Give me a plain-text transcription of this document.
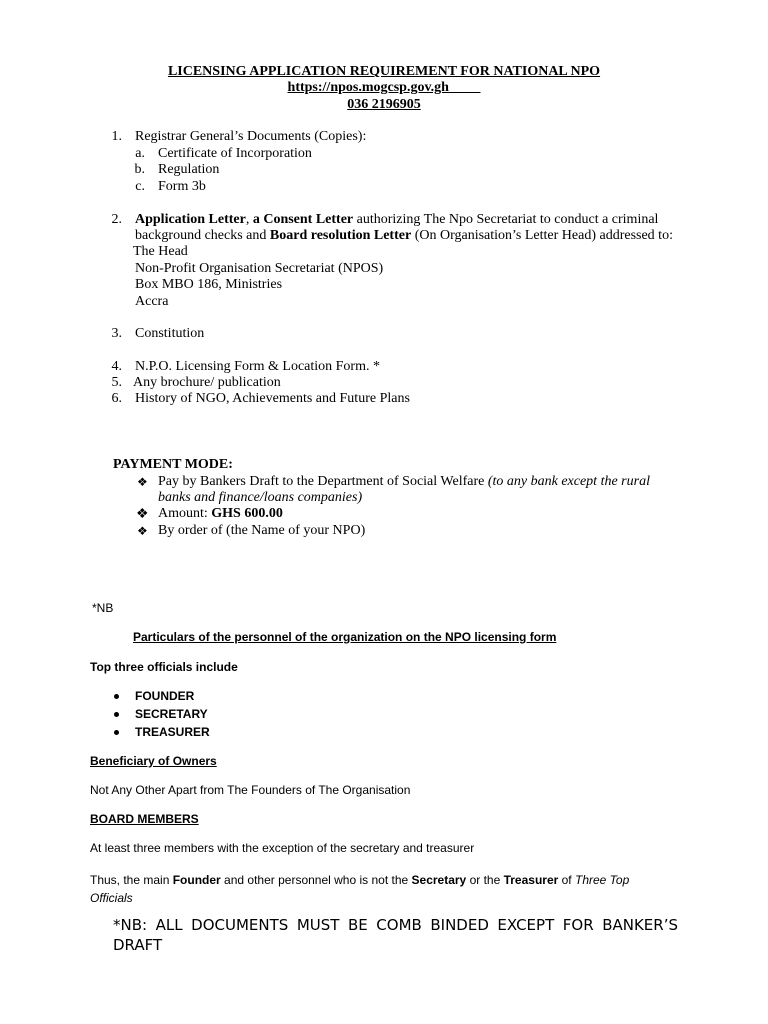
LICENSING APPLICATION REQUIREMENT FOR NATIONAL NPO
https://npos.mogcsp.gov.gh
036 2196905
1. Registrar General’s Documents (Copies):
a. Certificate of Incorporation
b. Regulation
c. Form 3b
2. Application Letter, a Consent Letter authorizing The Npo Secretariat to conduct a criminal
background checks and Board resolution Letter (On Organisation’s Letter Head) addressed to:
The Head
Non-Profit Organisation Secretariat (NPOS)
Box MBO 186, Ministries
Accra
3. Constitution
4. N.P.O. Licensing Form & Location Form. *
5. Any brochure/ publication
6. History of NGO, Achievements and Future Plans
PAYMENT MODE:
❖ Pay by Bankers Draft to the Department of Social Welfare (to any bank except the rural
banks and finance/loans companies)
❖ Amount: GHS 600.00
❖ By order of (the Name of your NPO)
*NB
Particulars of the personnel of the organization on the NPO licensing form
Top three officials include
FOUNDER
SECRETARY
TREASURER
Beneficiary of Owners
Not Any Other Apart from The Founders of The Organisation
BOARD MEMBERS
At least three members with the exception of the secretary and treasurer
Thus, the main Founder and other personnel who is not the Secretary or the Treasurer of Three Top
Officials
*NB: ALL DOCUMENTS MUST BE COMB BINDED EXCEPT FOR BANKER’S DRAFT
